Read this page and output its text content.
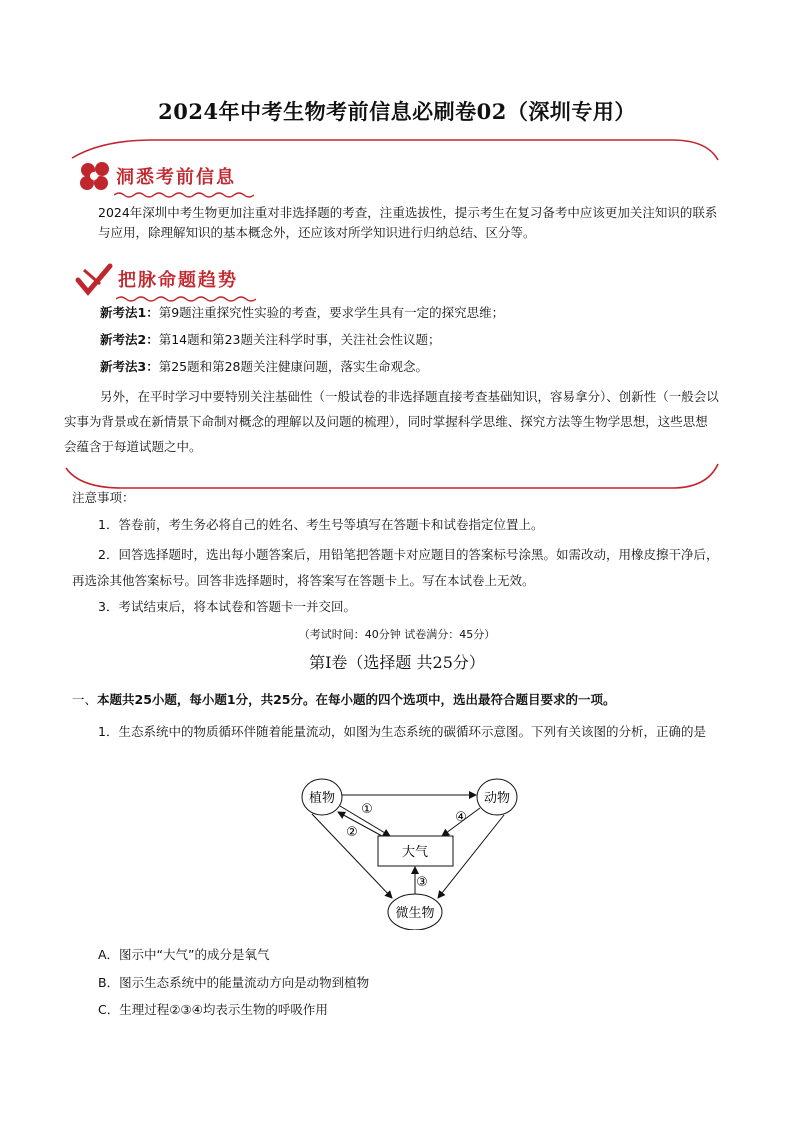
2024年中考生物考前信息必刷卷02（深圳专用）
洞悉考前信息
2024年深圳中考生物更加注重对非选择题的考查，注重选拔性，提示考生在复习备考中应该更加关注知识的联系与应用，除理解知识的基本概念外，还应该对所学知识进行归纳总结、区分等。
把脉命题趋势
新考法1：第9题注重探究性实验的考查，要求学生具有一定的探究思维；
新考法2：第14题和第23题关注科学时事，关注社会性议题；
新考法3：第25题和第28题关注健康问题，落实生命观念。
另外，在平时学习中要特别关注基础性（一般试卷的非选择题直接考查基础知识，容易拿分）、创新性（一般会以实事为背景或在新情景下命制对概念的理解以及问题的梳理），同时掌握科学思维、探究方法等生物学思想，这些思想会蕴含于每道试题之中。
注意事项：
1．答卷前，考生务必将自己的姓名、考生号等填写在答题卡和试卷指定位置上。
2．回答选择题时，选出每小题答案后，用铅笔把答题卡对应题目的答案标号涂黑。如需改动，用橡皮擦干净后，再选涂其他答案标号。回答非选择题时，将答案写在答题卡上。写在本试卷上无效。
3．考试结束后，将本试卷和答题卡一并交回。
（考试时间：40分钟 试卷满分：45分）
第Ⅰ卷（选择题 共25分）
一、本题共25小题，每小题1分，共25分。在每小题的四个选项中，选出最符合题目要求的一项。
1．生态系统中的物质循环伴随着能量流动，如图为生态系统的碳循环示意图。下列有关该图的分析，正确的是
植物	动物
大气
微生物
①
②
③
④
A．图示中“大气”的成分是氧气
B．图示生态系统中的能量流动方向是动物到植物
C．生理过程②③④均表示生物的呼吸作用
